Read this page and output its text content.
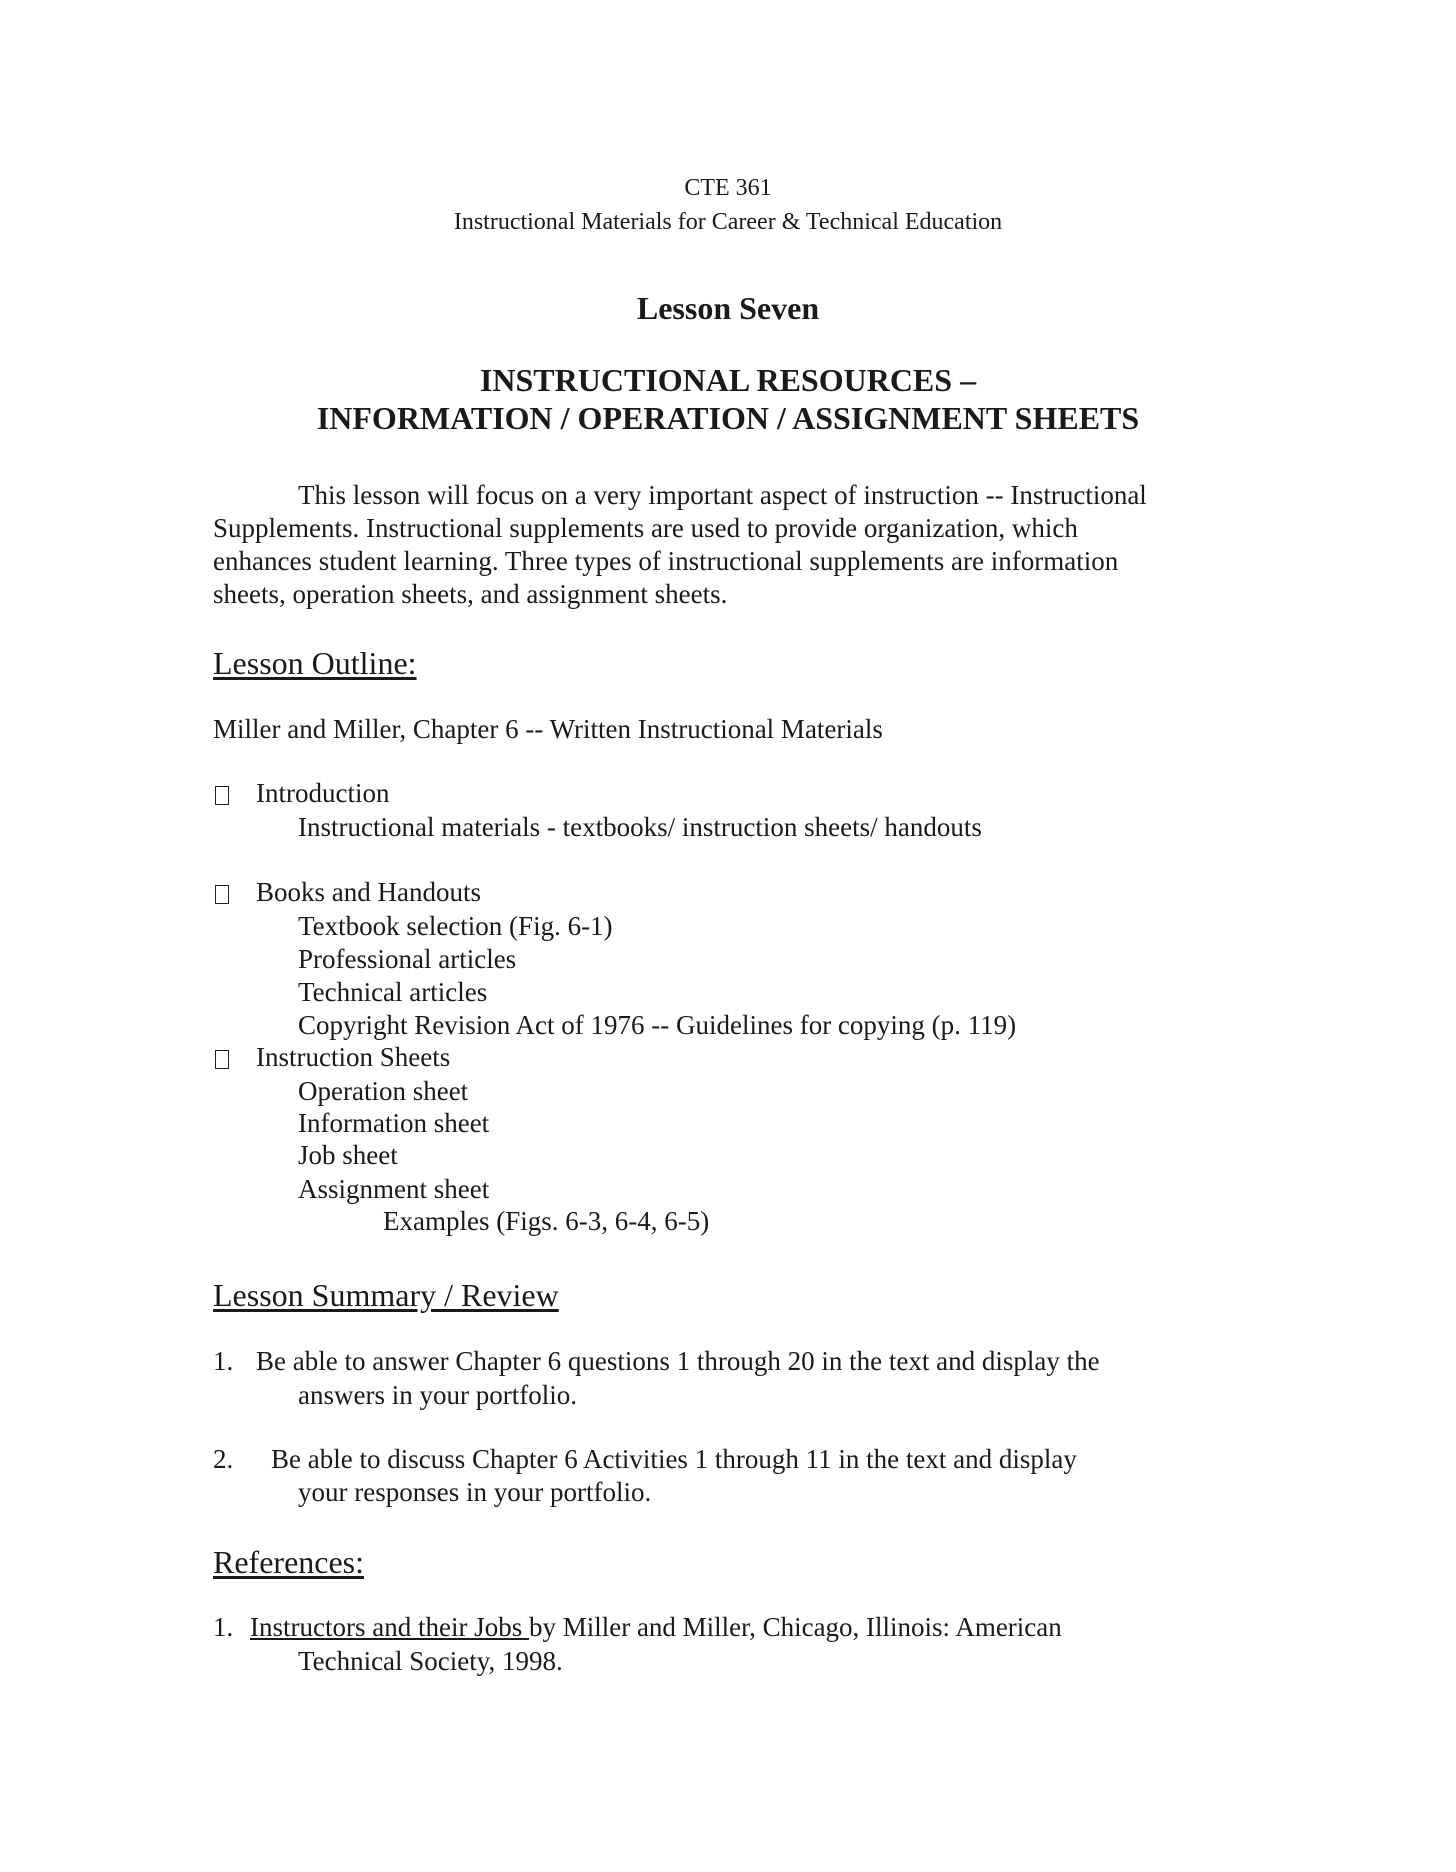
CTE 361
Instructional Materials for Career & Technical Education
Lesson Seven
INSTRUCTIONAL RESOURCES –
INFORMATION / OPERATION / ASSIGNMENT SHEETS
This lesson will focus on a very important aspect of instruction -- Instructional
Supplements. Instructional supplements are used to provide organization, which
enhances student learning. Three types of instructional supplements are information
sheets, operation sheets, and assignment sheets.
Lesson Outline:
Miller and Miller, Chapter 6 -- Written Instructional Materials
Introduction
Instructional materials - textbooks/ instruction sheets/ handouts
Books and Handouts
Textbook selection (Fig. 6-1)
Professional articles
Technical articles
Copyright Revision Act of 1976 -- Guidelines for copying (p. 119)
Instruction Sheets
Operation sheet
Information sheet
Job sheet
Assignment sheet
Examples (Figs. 6-3, 6-4, 6-5)
Lesson Summary / Review
1. Be able to answer Chapter 6 questions 1 through 20 in the text and display the
answers in your portfolio.
2. Be able to discuss Chapter 6 Activities 1 through 11 in the text and display
your responses in your portfolio.
References:
1. Instructors and their Jobs by Miller and Miller, Chicago, Illinois: American
Technical Society, 1998.
